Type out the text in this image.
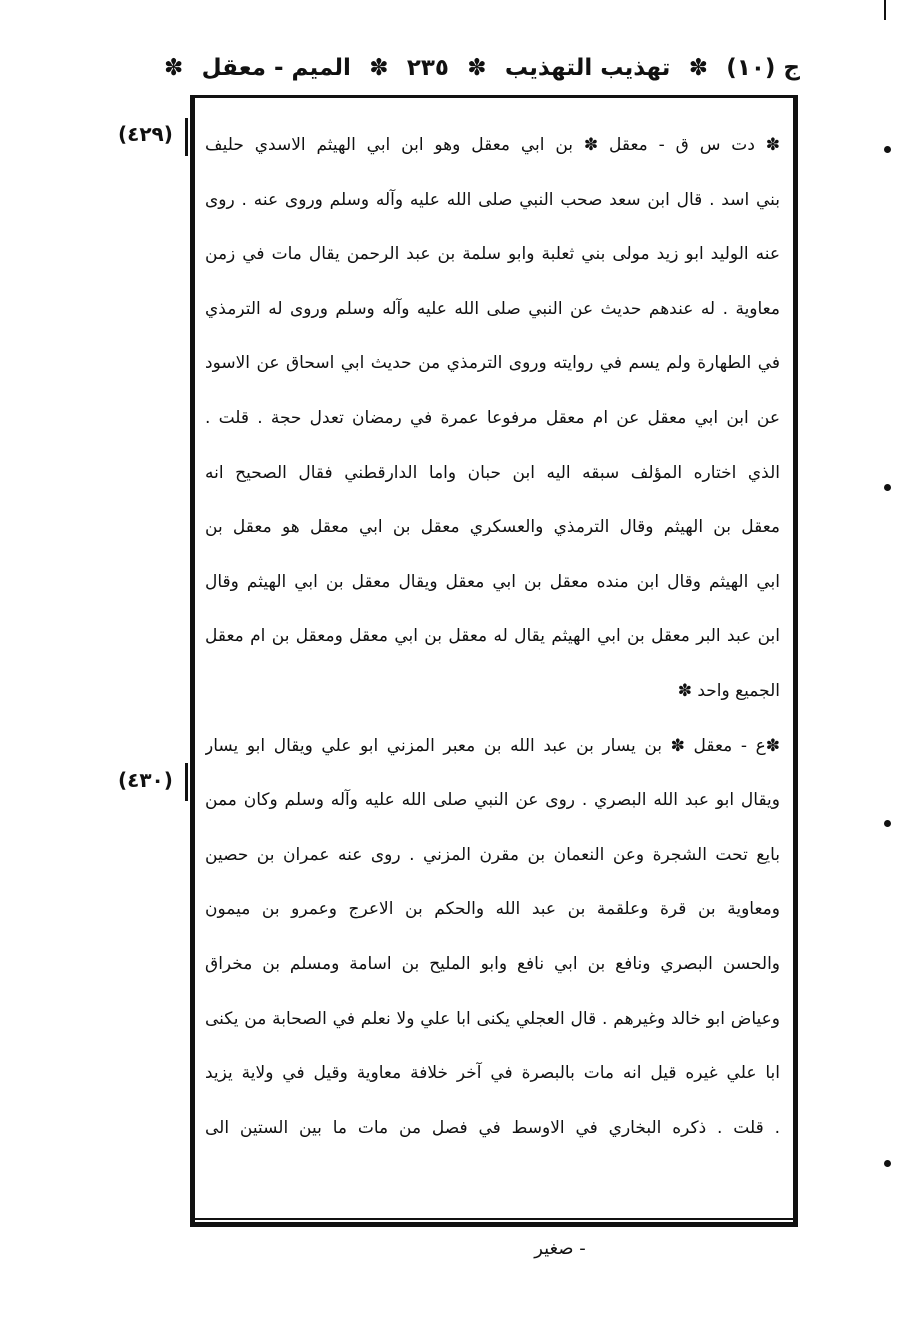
ج (١٠)
✽
تهذيب التهذيب
✽
٢٣٥
✽
الميم - معقل
✽
(٤٢٩)
(٤٣٠)
✽ دت س ق - معقل ✽ بن ابي معقل وهو ابن ابي الهيثم الاسدي حليف
بني اسد . قال ابن سعد صحب النبي صلى الله عليه وآله وسلم وروى عنه . روى
عنه الوليد ابو زيد مولى بني ثعلبة وابو سلمة بن عبد الرحمن يقال مات في زمن
معاوية . له عندهم حديث عن النبي صلى الله عليه وآله وسلم وروى له الترمذي
في الطهارة ولم يسم في روايته وروى الترمذي من حديث ابي اسحاق عن الاسود
عن ابن ابي معقل عن ام معقل مرفوعا عمرة في رمضان تعدل حجة . قلت .
الذي اختاره المؤلف سبقه اليه ابن حبان واما الدارقطني فقال الصحيح انه
معقل بن الهيثم وقال الترمذي والعسكري معقل بن ابي معقل هو معقل بن
ابي الهيثم وقال ابن منده معقل بن ابي معقل ويقال معقل بن ابي الهيثم وقال
ابن عبد البر معقل بن ابي الهيثم يقال له معقل بن ابي معقل ومعقل بن ام معقل
الجميع واحد ✽
✽ع - معقل ✽ بن يسار بن عبد الله بن معبر المزني ابو علي ويقال ابو يسار
ويقال ابو عبد الله البصري . روى عن النبي صلى الله عليه وآله وسلم وكان ممن
بايع تحت الشجرة وعن النعمان بن مقرن المزني . روى عنه عمران بن حصين
ومعاوية بن قرة وعلقمة بن عبد الله والحكم بن الاعرج وعمرو بن ميمون
والحسن البصري ونافع بن ابي نافع وابو المليح بن اسامة ومسلم بن مخراق
وعياض ابو خالد وغيرهم . قال العجلي يكنى ابا علي ولا نعلم في الصحابة من يكنى
ابا علي غيره قيل انه مات بالبصرة في آخر خلافة معاوية وقيل في ولاية يزيد
. قلت . ذكره البخاري في الاوسط في فصل من مات ما بين الستين الى
- صغير
